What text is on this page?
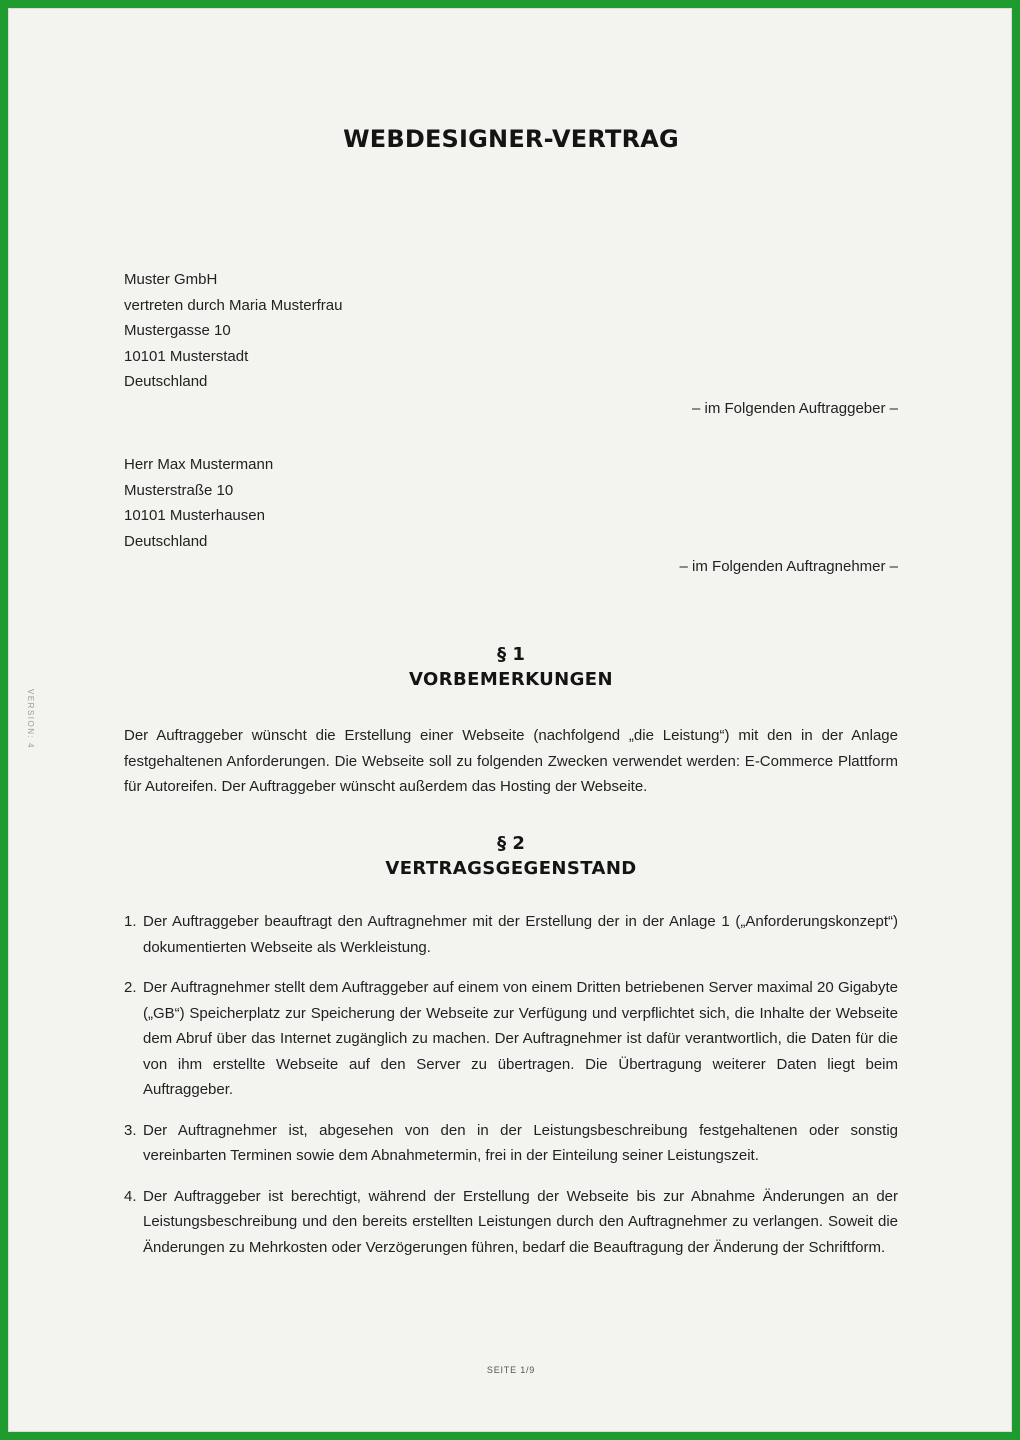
WEBDESIGNER-VERTRAG
Muster GmbH
vertreten durch Maria Musterfrau
Mustergasse 10
10101 Musterstadt
Deutschland
– im Folgenden Auftraggeber –
Herr Max Mustermann
Musterstraße 10
10101 Musterhausen
Deutschland
– im Folgenden Auftragnehmer –
§ 1
VORBEMERKUNGEN
Der Auftraggeber wünscht die Erstellung einer Webseite (nachfolgend „die Leistung“) mit den in der Anlage festgehaltenen Anforderungen. Die Webseite soll zu folgenden Zwecken verwendet werden: E-Commerce Plattform für Autoreifen. Der Auftraggeber wünscht außerdem das Hosting der Webseite.
§ 2
VERTRAGSGEGENSTAND
1. Der Auftraggeber beauftragt den Auftragnehmer mit der Erstellung der in der Anlage 1 („Anforderungskonzept“) dokumentierten Webseite als Werkleistung.
2. Der Auftragnehmer stellt dem Auftraggeber auf einem von einem Dritten betriebenen Server maximal 20 Gigabyte („GB“) Speicherplatz zur Speicherung der Webseite zur Verfügung und verpflichtet sich, die Inhalte der Webseite dem Abruf über das Internet zugänglich zu machen. Der Auftragnehmer ist dafür verantwortlich, die Daten für die von ihm erstellte Webseite auf den Server zu übertragen. Die Übertragung weiterer Daten liegt beim Auftraggeber.
3. Der Auftragnehmer ist, abgesehen von den in der Leistungsbeschreibung festgehaltenen oder sonstig vereinbarten Terminen sowie dem Abnahmetermin, frei in der Einteilung seiner Leistungszeit.
4. Der Auftraggeber ist berechtigt, während der Erstellung der Webseite bis zur Abnahme Änderungen an der Leistungsbeschreibung und den bereits erstellten Leistungen durch den Auftragnehmer zu verlangen. Soweit die Änderungen zu Mehrkosten oder Verzögerungen führen, bedarf die Beauftragung der Änderung der Schriftform.
VERSION: 4
SEITE 1/9
